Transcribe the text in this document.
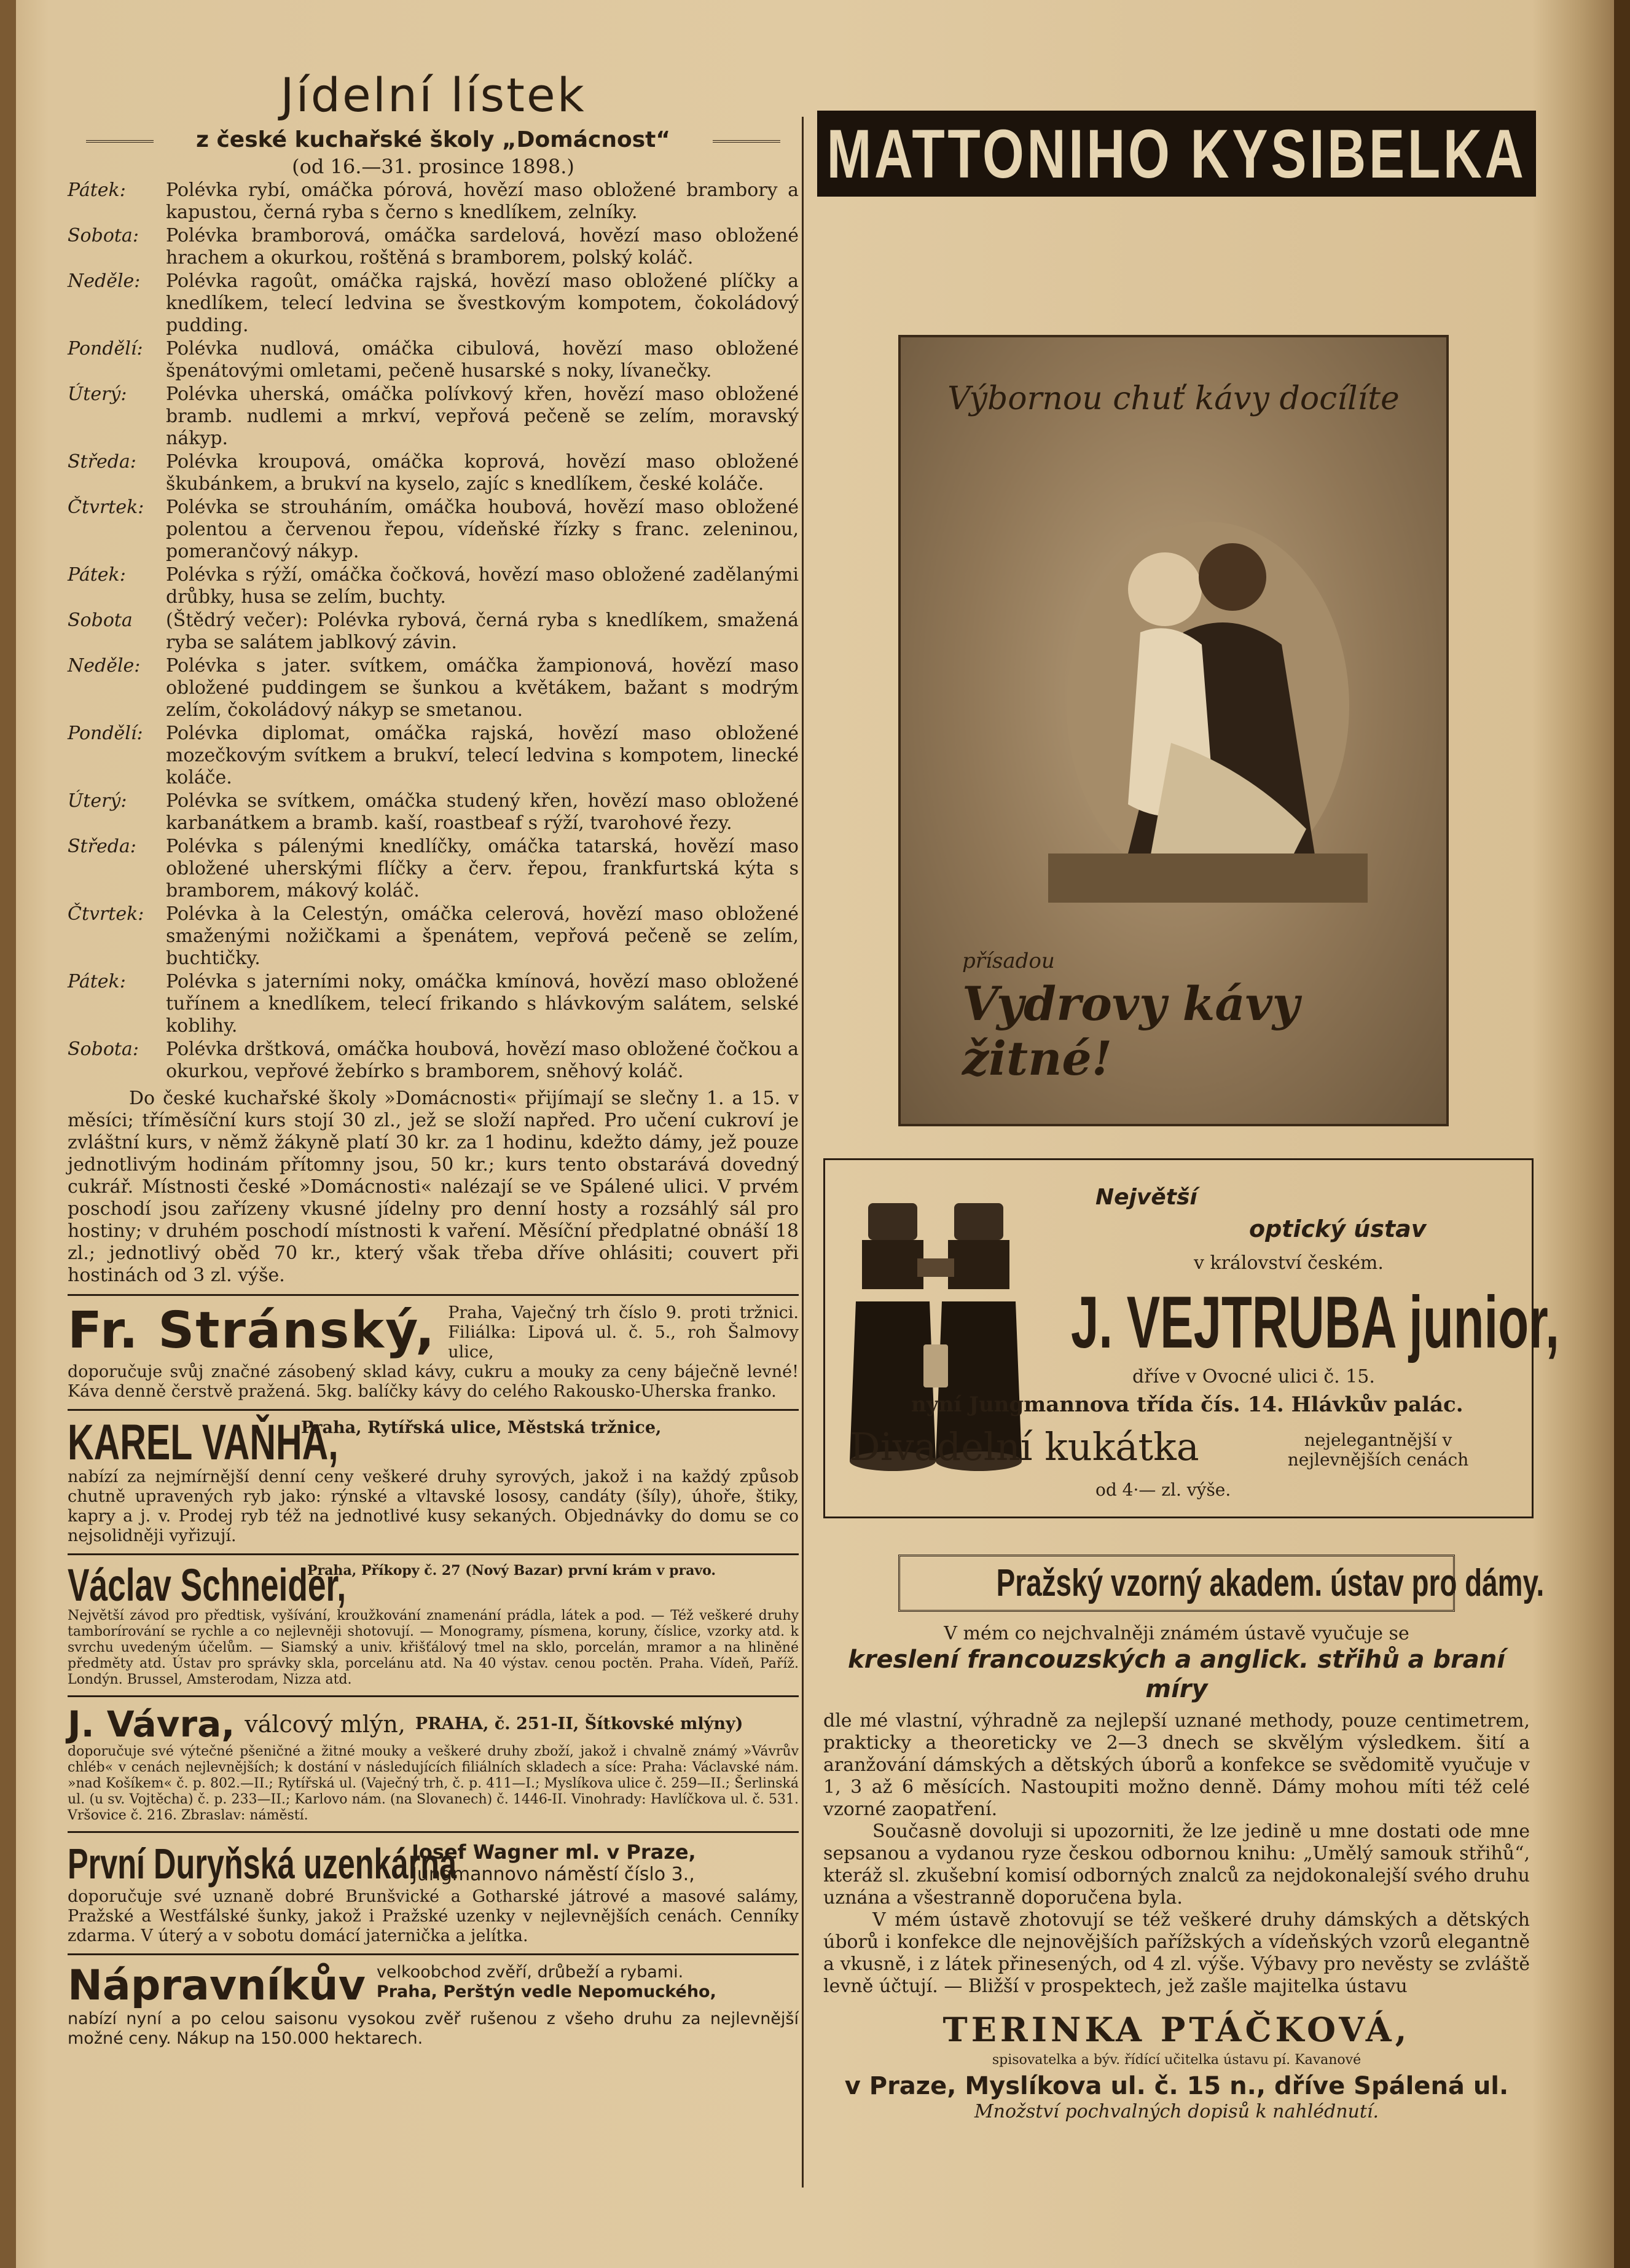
Jídelní lístek
z české kuchařské školy „Domácnost“
(od 16.—31. prosince 1898.)
Pátek:	Polévka rybí, omáčka pórová, hovězí maso obložené brambory a kapustou, černá ryba s černo s knedlíkem, zelníky.
Sobota:	Polévka bramborová, omáčka sardelová, hovězí maso obložené hrachem a okurkou, roštěná s bramborem, polský koláč.
Neděle:	Polévka ragoût, omáčka rajská, hovězí maso obložené plíčky a knedlíkem, telecí ledvina se švestkovým kompotem, čokoládový pudding.
Pondělí:	Polévka nudlová, omáčka cibulová, hovězí maso obložené špenátovými omletami, pečeně husarské s noky, lívanečky.
Úterý:	Polévka uherská, omáčka polívkový křen, hovězí maso obložené bramb. nudlemi a mrkví, vepřová pečeně se zelím, moravský nákyp.
Středa:	Polévka kroupová, omáčka koprová, hovězí maso obložené škubánkem, a brukví na kyselo, zajíc s knedlíkem, české koláče.
Čtvrtek:	Polévka se strouháním, omáčka houbová, hovězí maso obložené polentou a červenou řepou, vídeňské řízky s franc. zeleninou, pomerančový nákyp.
Pátek:	Polévka s rýží, omáčka čočková, hovězí maso obložené zadělanými drůbky, husa se zelím, buchty.
Sobota	(Štědrý večer): Polévka rybová, černá ryba s knedlíkem, smažená ryba se salátem jablkový závin.
Neděle:	Polévka s jater. svítkem, omáčka žampionová, hovězí maso obložené puddingem se šunkou a květákem, bažant s modrým zelím, čokoládový nákyp se smetanou.
Pondělí:	Polévka diplomat, omáčka rajská, hovězí maso obložené mozečkovým svítkem a brukví, telecí ledvina s kompotem, linecké koláče.
Úterý:	Polévka se svítkem, omáčka studený křen, hovězí maso obložené karbanátkem a bramb. kaší, roastbeaf s rýží, tvarohové řezy.
Středa:	Polévka s pálenými knedlíčky, omáčka tatarská, hovězí maso obložené uherskými flíčky a červ. řepou, frankfurtská kýta s bramborem, mákový koláč.
Čtvrtek:	Polévka à la Celestýn, omáčka celerová, hovězí maso obložené smaženými nožičkami a špenátem, vepřová pečeně se zelím, buchtičky.
Pátek:	Polévka s jaterními noky, omáčka kmínová, hovězí maso obložené tuřínem a knedlíkem, telecí frikando s hlávkovým salátem, selské koblihy.
Sobota:	Polévka drštková, omáčka houbová, hovězí maso obložené čočkou a okurkou, vepřové žebírko s bramborem, sněhový koláč.
Do české kuchařské školy »Domácnosti« přijímají se slečny 1. a 15. v měsíci; tříměsíční kurs stojí 30 zl., jež se složí napřed. Pro učení cukroví je zvláštní kurs, v němž žákyně platí 30 kr. za 1 hodinu, kdežto dámy, jež pouze jednotlivým hodinám přítomny jsou, 50 kr.; kurs tento obstarává dovedný cukrář. Místnosti české »Domácnosti« nalézají se ve Spálené ulici. V prvém poschodí jsou zařízeny vkusné jídelny pro denní hosty a rozsáhlý sál pro hostiny; v druhém poschodí místnosti k vaření. Měsíční předplatné obnáší 18 zl.; jednotlivý oběd 70 kr., který však třeba dříve ohlásiti; couvert při hostinách od 3 zl. výše.
Fr. Stránský, Praha, Vaječný trh číslo 9. proti tržnici. Filiálka: Lipová ul. č. 5., roh Šalmovy ulice,
doporučuje svůj značné zásobený sklad kávy, cukru a mouky za ceny báječně levné! Káva denně čerstvě pražená. 5kg. balíčky kávy do celého Rakousko-Uherska franko.
KAREL VAŇHA,
Praha, Rytířská ulice, Městská tržnice,
nabízí za nejmírnější denní ceny veškeré druhy syrových, jakož i na každý způsob chutně upravených ryb jako: rýnské a vltavské lososy, candáty (šíly), úhoře, štiky, kapry a j. v. Prodej ryb též na jednotlivé kusy sekaných. Objednávky do domu se co nejsolidněji vyřizují.
Václav Schneider,
Praha, Příkopy č. 27 (Nový Bazar) první krám v pravo.
Největší závod pro předtisk, vyšívání, kroužkování znamenání prádla, látek a pod. — Též veškeré druhy tamborírování se rychle a co nejlevněji shotovují. — Monogramy, písmena, koruny, číslice, vzorky atd. k svrchu uvedeným účelům. — Siamský a univ. křišťálový tmel na sklo, porcelán, mramor a na hliněné předměty atd. Ústav pro správky skla, porcelánu atd. Na 40 výstav. cenou poctěn. Praha. Vídeň, Paříž. Londýn. Brussel, Amsterodam, Nizza atd.
J. Vávra, válcový mlýn, PRAHA, č. 251-II, Šítkovské mlýny)
doporučuje své výtečné pšeničné a žitné mouky a veškeré druhy zboží, jakož i chvalně známý »Vávrův chléb« v cenách nejlevnějších; k dostání v následujících filiálních skladech a síce: Praha: Václavské nám. »nad Košíkem« č. p. 802.—II.; Rytířská ul. (Vaječný trh, č. p. 411—I.; Myslíkova ulice č. 259—II.; Šerlinská ul. (u sv. Vojtěcha) č. p. 233—II.; Karlovo nám. (na Slovanech) č. 1446-II. Vinohrady: Havlíčkova ul. č. 531. Vršovice č. 216. Zbraslav: náměstí.
První Duryňská uzenkárna
Josef Wagner ml. v Praze,
Jungmannovo náměstí číslo 3.,
doporučuje své uznaně dobré Brunšvické a Gotharské játrové a masové salámy, Pražské a Westfálské šunky, jakož i Pražské uzenky v nejlevnějších cenách. Cenníky zdarma. V úterý a v sobotu domácí jaternička a jelítka.
Nápravníkův velkoobchod zvěří, drůbeží a rybami.
Praha, Perštýn vedle Nepomuckého,
nabízí nyní a po celou saisonu vysokou zvěř rušenou z všeho druhu za nejlevnější možné ceny. Nákup na 150.000 hektarech.
MATTONIHO KYSIBELKA
Výbornou chuť kávy docílíte
přísadou
Vydrovy kávy žitné!
Největší
optický ústav
v království českém.
J. VEJTRUBA junior,
dříve v Ovocné ulici č. 15.
nyní Jungmannova třída čís. 14. Hlávkův palác.
Divadelní kukátka	nejelegantnější v nejlevnějších cenách
od 4·— zl. výše.
Pražský vzorný akadem. ústav pro dámy.

V mém co nejchvalněji známém ústavě vyučuje se

kreslení francouzských a anglick. střihů a braní míry

dle mé vlastní, výhradně za nejlepší uznané methody, pouze centimetrem, prakticky a theoreticky ve 2—3 dnech se skvělým výsledkem. šití a aranžování dámských a dětských úborů a konfekce se svědomitě vyučuje v 1, 3 až 6 měsících. Nastoupiti možno denně. Dámy mohou míti též celé vzorné zaopatření.

Současně dovoluji si upozorniti, že lze jedině u mne dostati ode mne sepsanou a vydanou ryze českou odbornou knihu: „Umělý samouk střihů“, kteráž sl. zkušební komisí odborných znalců za nejdokonalejší svého druhu uznána a všestranně doporučena byla.

V mém ústavě zhotovují se též veškeré druhy dámských a dětských úborů i konfekce dle nejnovějších pařížských a vídeňských vzorů elegantně a vkusně, i z látek přinesených, od 4 zl. výše. Výbavy pro nevěsty se zvláště levně účtují. — Bližší v prospektech, jež zašle majitelka ústavu

TERINKA PTÁČKOVÁ,

spisovatelka a býv. řídící učitelka ústavu pí. Kavanové

v Praze, Myslíkova ul. č. 15 n., dříve Spálená ul.

Množství pochvalných dopisů k nahlédnutí.
